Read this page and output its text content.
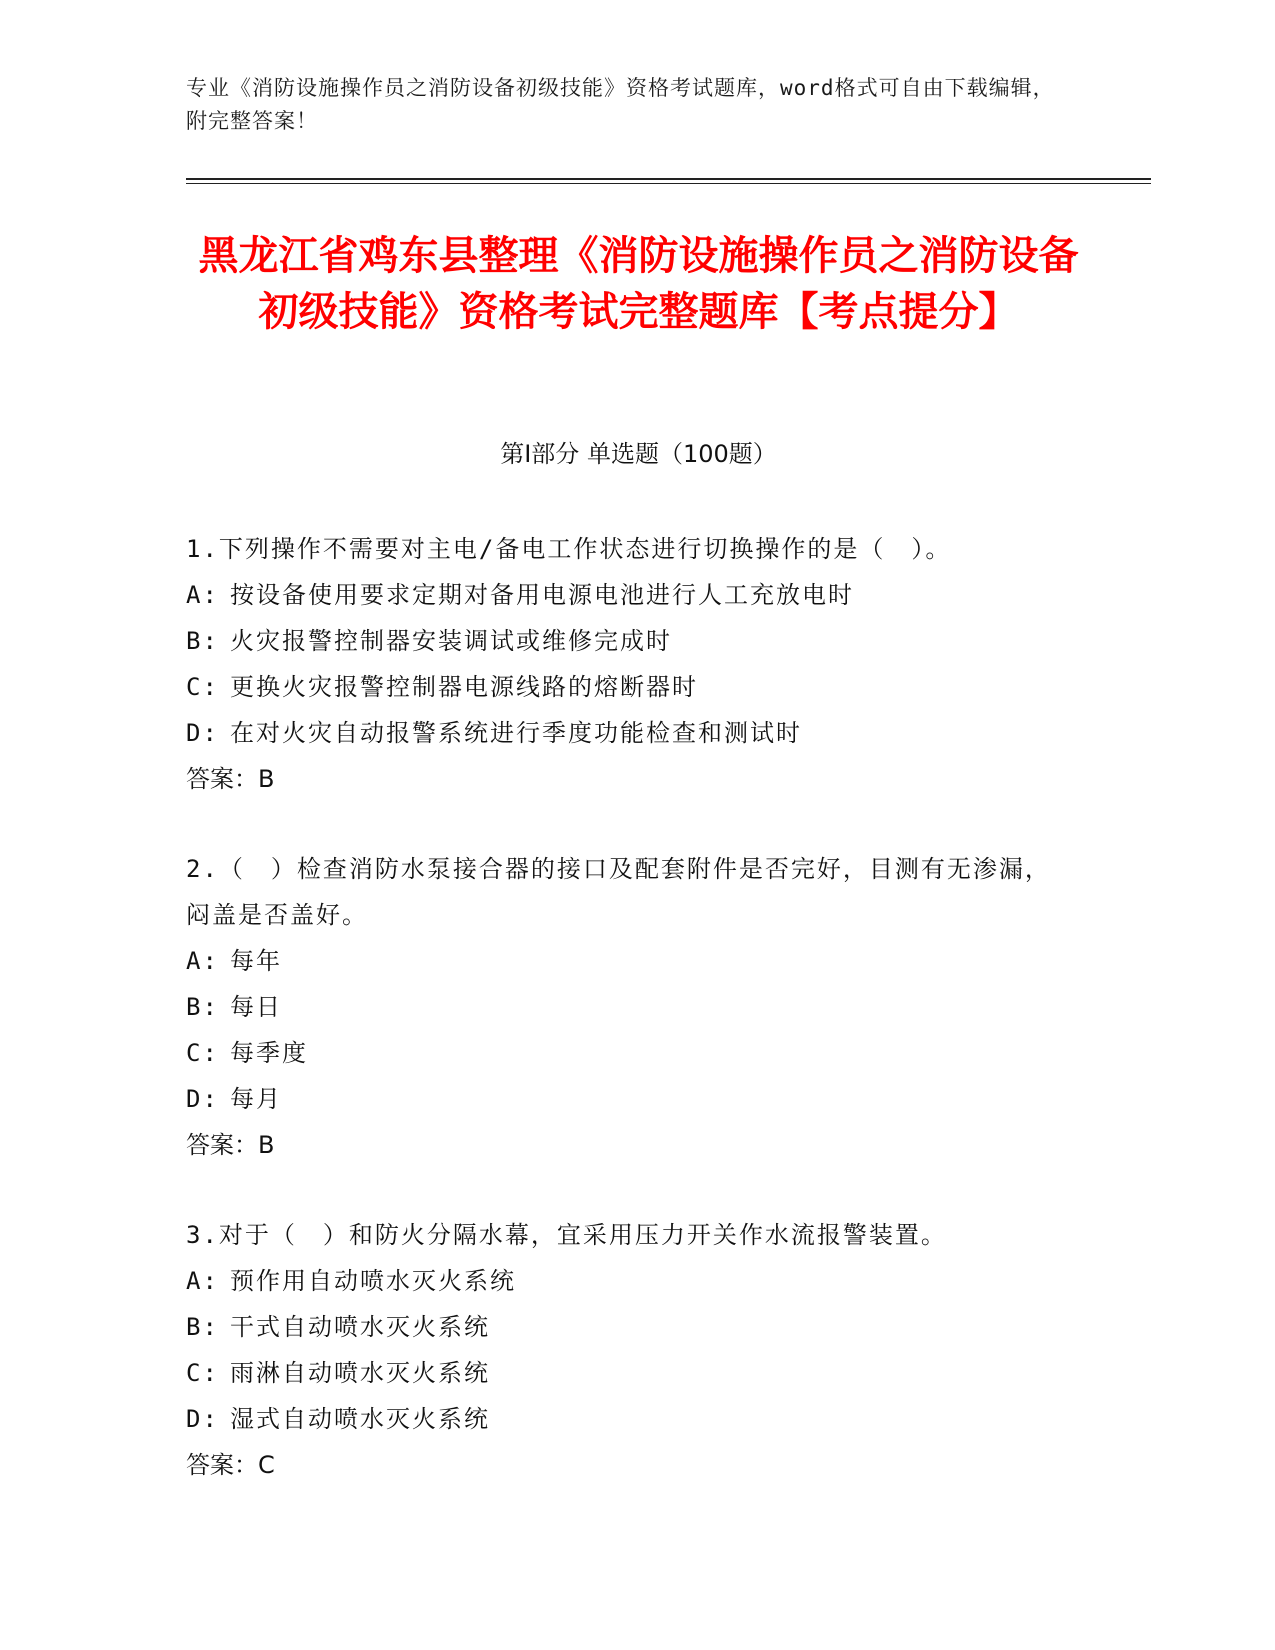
专业《消防设施操作员之消防设备初级技能》资格考试题库，word格式可自由下载编辑，附完整答案！
黑龙江省鸡东县整理《消防设施操作员之消防设备初级技能》资格考试完整题库【考点提分】
第Ⅰ部分 单选题（100题）
1.下列操作不需要对主电/备电工作状态进行切换操作的是（　）。
A: 按设备使用要求定期对备用电源电池进行人工充放电时
B: 火灾报警控制器安装调试或维修完成时
C: 更换火灾报警控制器电源线路的熔断器时
D: 在对火灾自动报警系统进行季度功能检查和测试时
答案：B
2.（　）检查消防水泵接合器的接口及配套附件是否完好，目测有无渗漏，闷盖是否盖好。
A: 每年
B: 每日
C: 每季度
D: 每月
答案：B
3.对于（　）和防火分隔水幕，宜采用压力开关作水流报警装置。
A: 预作用自动喷水灭火系统
B: 干式自动喷水灭火系统
C: 雨淋自动喷水灭火系统
D: 湿式自动喷水灭火系统
答案：C
